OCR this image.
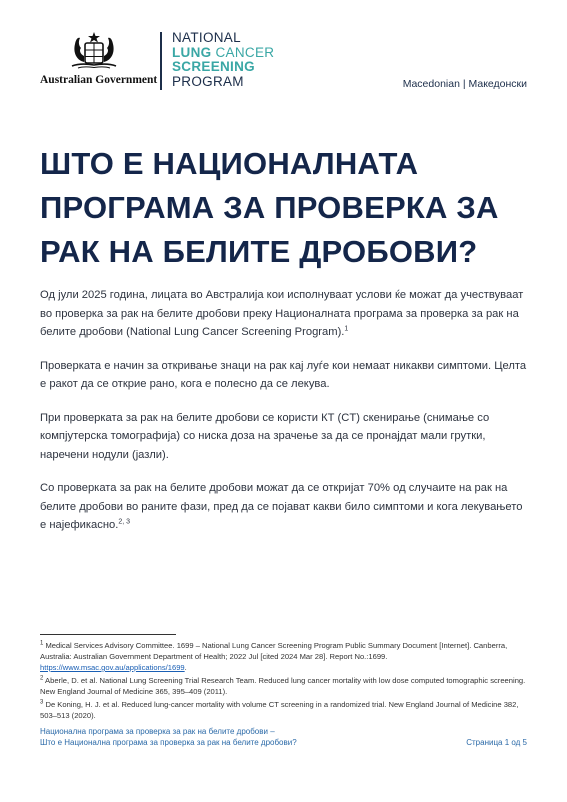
Australian Government
NATIONAL
LUNG CANCER
SCREENING
PROGRAM	Macedonian | Македонски
ШТО Е НАЦИОНАЛНАТА ПРОГРАМА ЗА ПРОВЕРКА ЗА РАК НА БЕЛИТЕ ДРОБОВИ?

Од јули 2025 година, лицата во Австралија кои исполнуваат услови ќе можат да учествуваат во проверка за рак на белите дробови преку Националната програма за проверка за рак на белите дробови (National Lung Cancer Screening Program).$^1$

Проверката е начин за откривање знаци на рак кај луѓе кои немаат никакви симптоми. Целта е ракот да се открие рано, кога е полесно да се лекува.

При проверката за рак на белите дробови се користи КТ (CT) скенирање (снимање со компјутерска томографија) со ниска доза на зрачење за да се пронајдат мали грутки, наречени нодули (јазли).

Со проверката за рак на белите дробови можат да се откријат 70% од случаите на рак на белите дробови во раните фази, пред да се појават какви било симптоми и кога лекувањето е најефикасно.$^{2, 3}$

$^1$ Medical Services Advisory Committee. 1699 – National Lung Cancer Screening Program Public Summary Document [Internet]. Canberra, Australia: Australian Government Department of Health; 2022 Jul [cited 2024 Mar 28]. Report No.:1699. https://www.msac.gov.au/applications/1699.
$^2$ Aberle, D. et al. National Lung Screening Trial Research Team. Reduced lung cancer mortality with low dose computed tomographic screening. New England Journal of Medicine 365, 395–409 (2011).
$^3$ De Koning, H. J. et al. Reduced lung-cancer mortality with volume CT screening in a randomized trial. New England Journal of Medicine 382, 503–513 (2020).
Национална програма за проверка за рак на белите дробови –
Што е Национална програма за проверка за рак на белите дробови?	Страница 1 од 5
